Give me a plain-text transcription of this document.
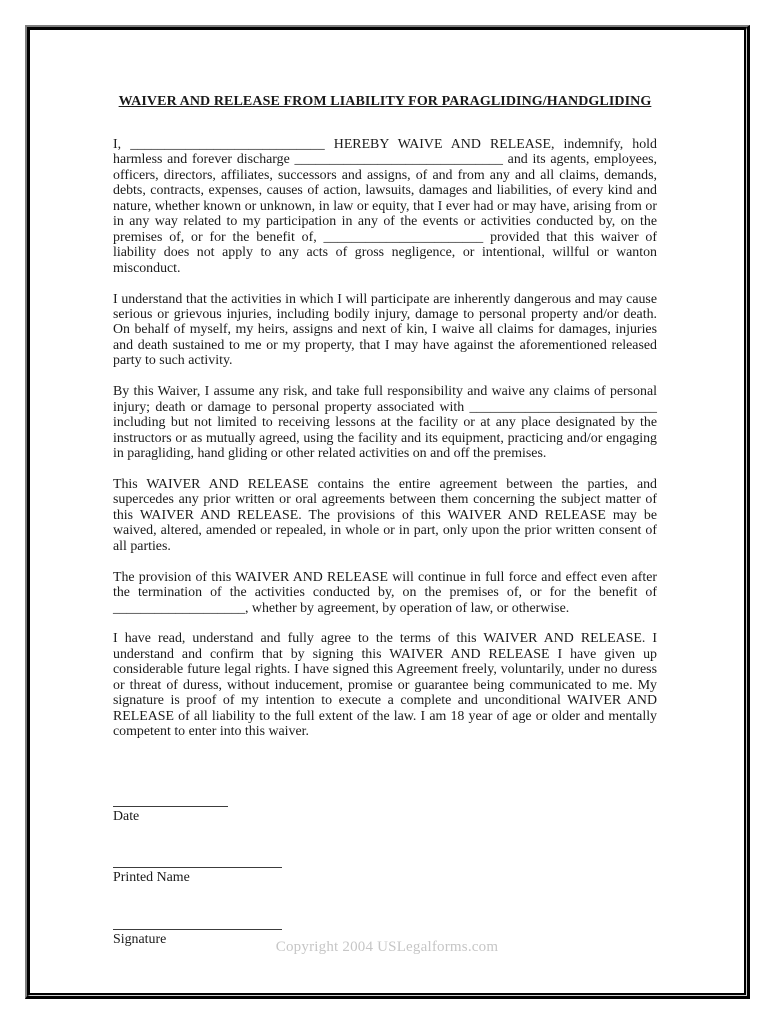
WAIVER AND RELEASE FROM LIABILITY FOR PARAGLIDING/HANDGLIDING

I, ____________________________ HEREBY WAIVE AND RELEASE, indemnify, hold harmless and forever discharge ______________________________ and its agents, employees, officers, directors, affiliates, successors and assigns, of and from any and all claims, demands, debts, contracts, expenses, causes of action, lawsuits, damages and liabilities, of every kind and nature, whether known or unknown, in law or equity, that I ever had or may have, arising from or in any way related to my participation in any of the events or activities conducted by, on the premises of, or for the benefit of, _______________________ provided that this waiver of liability does not apply to any acts of gross negligence, or intentional, willful or wanton misconduct.

I understand that the activities in which I will participate are inherently dangerous and may cause serious or grievous injuries, including bodily injury, damage to personal property and/or death. On behalf of myself, my heirs, assigns and next of kin, I waive all claims for damages, injuries and death sustained to me or my property, that I may have against the aforementioned released party to such activity.

By this Waiver, I assume any risk, and take full responsibility and waive any claims of personal injury; death or damage to personal property associated with ___________________________ including but not limited to receiving lessons at the facility or at any place designated by the instructors or as mutually agreed, using the facility and its equipment, practicing and/or engaging in paragliding, hand gliding or other related activities on and off the premises.

This WAIVER AND RELEASE contains the entire agreement between the parties, and supercedes any prior written or oral agreements between them concerning the subject matter of this WAIVER AND RELEASE. The provisions of this WAIVER AND RELEASE may be waived, altered, amended or repealed, in whole or in part, only upon the prior written consent of all parties.

The provision of this WAIVER AND RELEASE will continue in full force and effect even after the termination of the activities conducted by, on the premises of, or for the benefit of ___________________, whether by agreement, by operation of law, or otherwise.

I have read, understand and fully agree to the terms of this WAIVER AND RELEASE. I understand and confirm that by signing this WAIVER AND RELEASE I have given up considerable future legal rights. I have signed this Agreement freely, voluntarily, under no duress or threat of duress, without inducement, promise or guarantee being communicated to me. My signature is proof of my intention to execute a complete and unconditional WAIVER AND RELEASE of all liability to the full extent of the law. I am 18 year of age or older and mentally competent to enter into this waiver.

Date
Printed Name
Signature	Copyright 2004 USLegalforms.com
